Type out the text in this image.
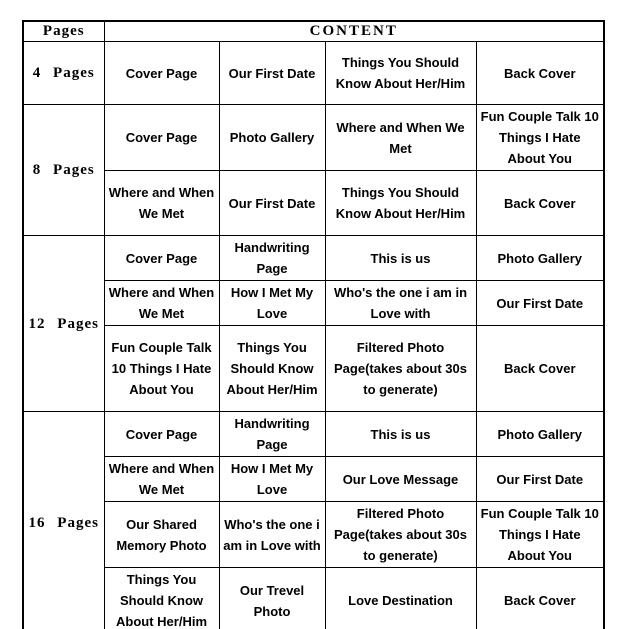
Pages	CONTENT			
4 Pages	Cover Page	Our First Date	Things You Should Know About Her/Him	Back Cover
8 Pages	Cover Page	Photo Gallery	Where and When We Met	Fun Couple Talk 10 Things I Hate About You
	Where and When We Met	Our First Date	Things You Should Know About Her/Him	Back Cover
12 Pages	Cover Page	Handwriting Page	This is us	Photo Gallery
	Where and When We Met	How I Met My Love	Who's the one i am in Love with	Our First Date
	Fun Couple Talk 10 Things I Hate About You	Things You Should Know About Her/Him	Filtered Photo Page(takes about 30s to generate)	Back Cover
16 Pages	Cover Page	Handwriting Page	This is us	Photo Gallery
	Where and When We Met	How I Met My Love	Our Love Message	Our First Date
	Our Shared Memory Photo	Who's the one i am in Love with	Filtered Photo Page(takes about 30s to generate)	Fun Couple Talk 10 Things I Hate About You
	Things You Should Know About Her/Him	Our Trevel Photo	Love Destination	Back Cover
